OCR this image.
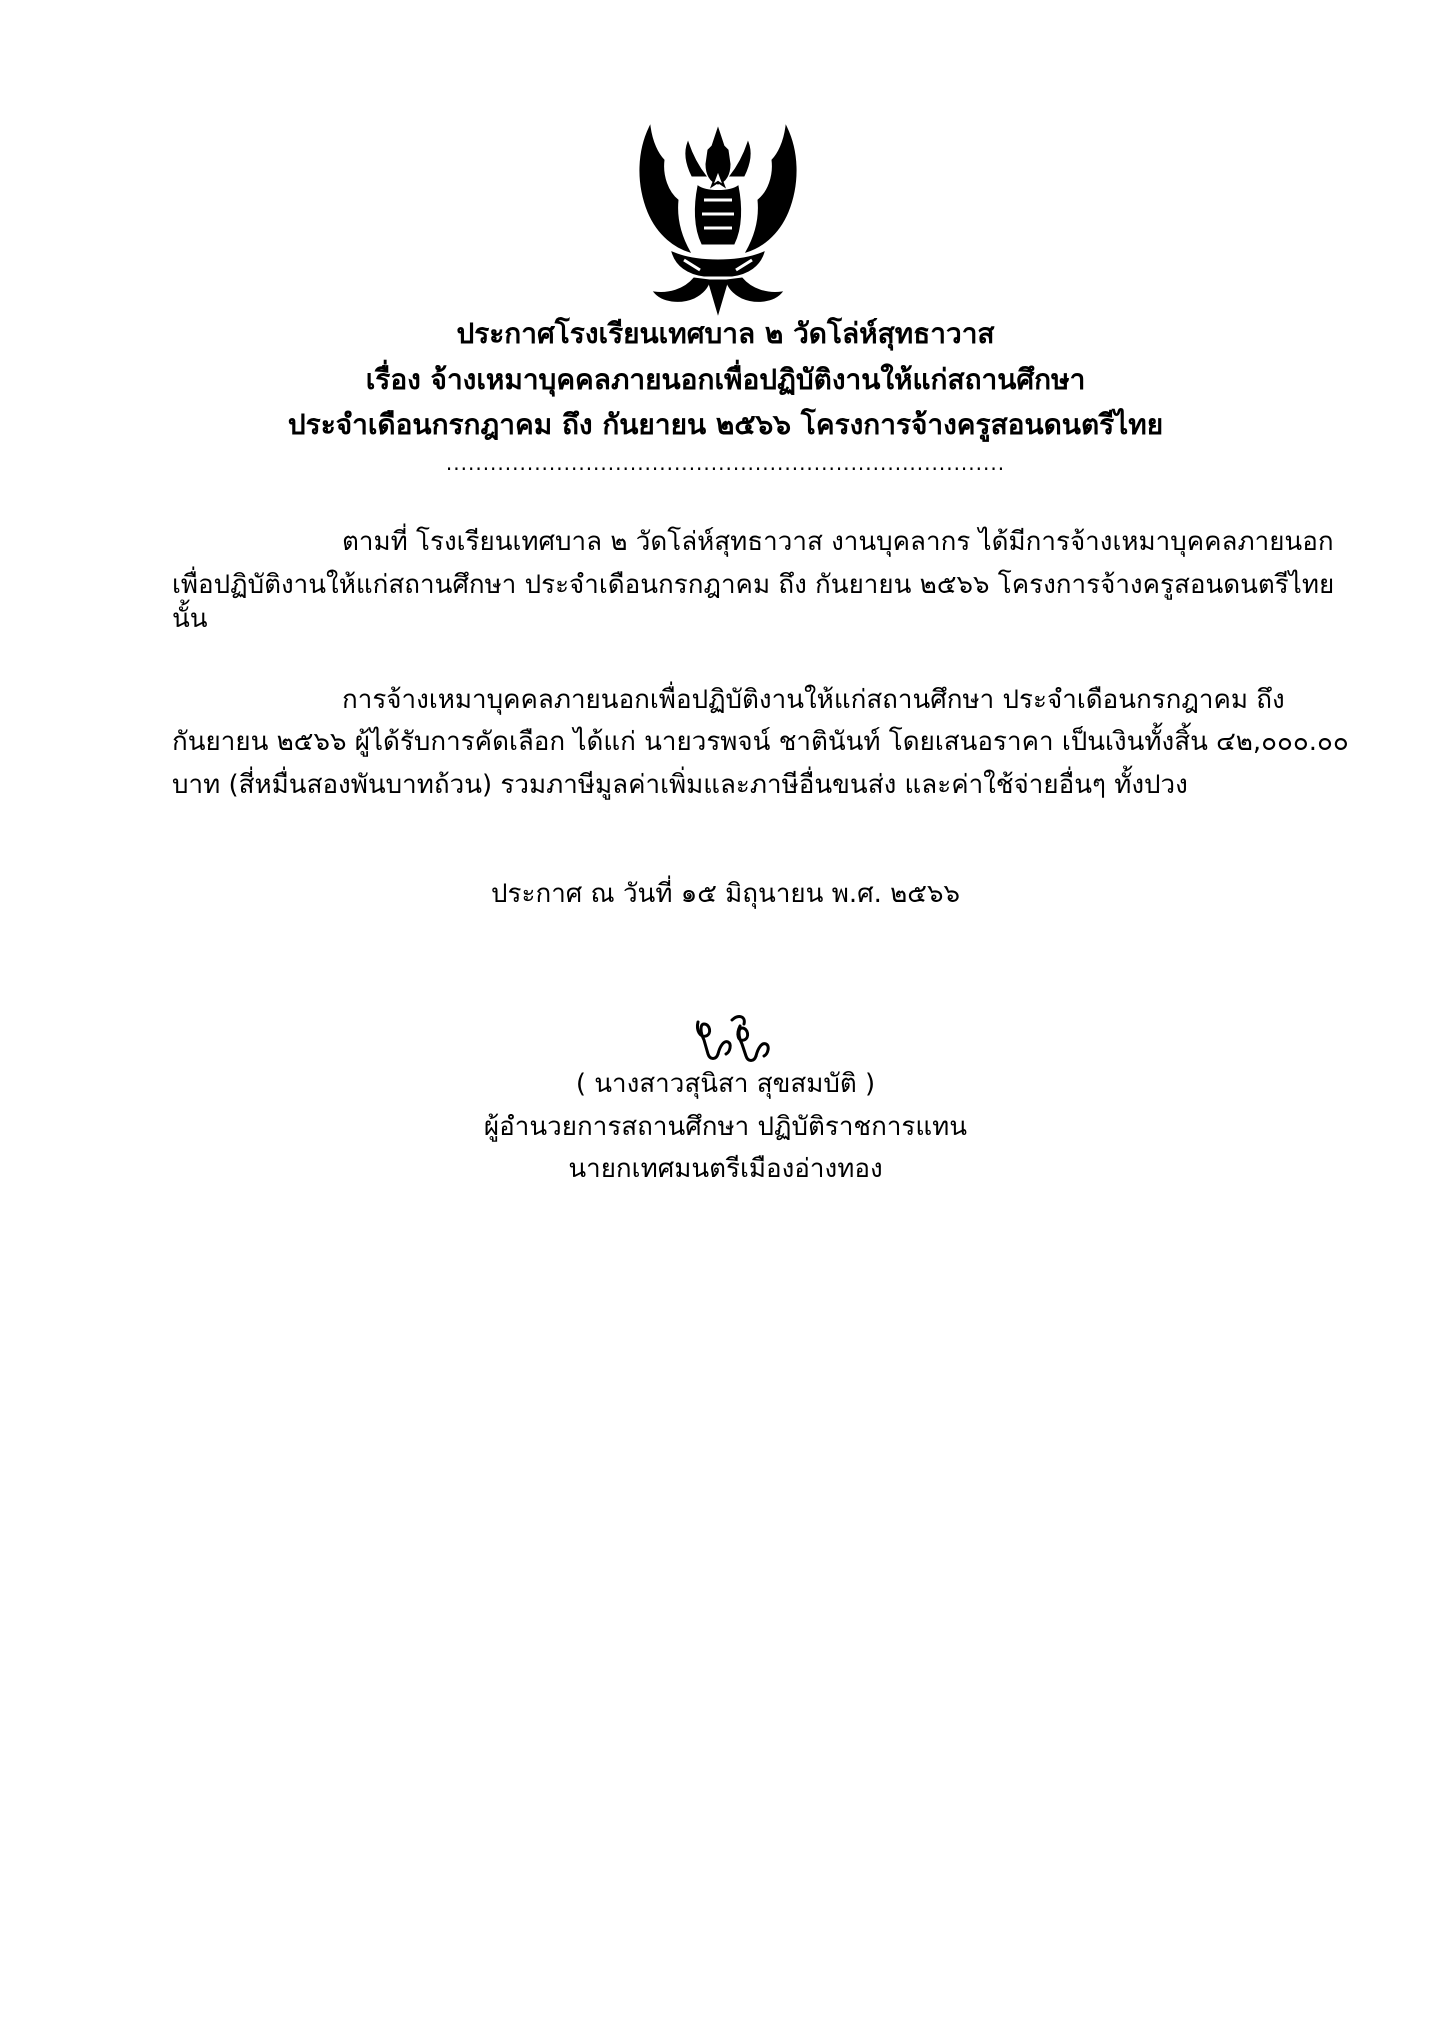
ประกาศโรงเรียนเทศบาล ๒ วัดโล่ห์สุทธาวาส
เรื่อง จ้างเหมาบุคคลภายนอกเพื่อปฏิบัติงานให้แก่สถานศึกษา
ประจำเดือนกรกฎาคม ถึง กันยายน ๒๕๖๖ โครงการจ้างครูสอนดนตรีไทย
............................................................................
ตามที่ โรงเรียนเทศบาล ๒ วัดโล่ห์สุทธาวาส งานบุคลากร ได้มีการจ้างเหมาบุคคลภายนอก
เพื่อปฏิบัติงานให้แก่สถานศึกษา ประจำเดือนกรกฎาคม ถึง กันยายน ๒๕๖๖ โครงการจ้างครูสอนดนตรีไทย
นั้น
การจ้างเหมาบุคคลภายนอกเพื่อปฏิบัติงานให้แก่สถานศึกษา ประจำเดือนกรกฎาคม ถึง
กันยายน ๒๕๖๖ ผู้ได้รับการคัดเลือก ได้แก่ นายวรพจน์ ชาตินันท์ โดยเสนอราคา เป็นเงินทั้งสิ้น ๔๒,๐๐๐.๐๐
บาท (สี่หมื่นสองพันบาทถ้วน) รวมภาษีมูลค่าเพิ่มและภาษีอื่นขนส่ง และค่าใช้จ่ายอื่นๆ ทั้งปวง
ประกาศ ณ วันที่ ๑๕ มิถุนายน พ.ศ. ๒๕๖๖
( นางสาวสุนิสา สุขสมบัติ )
ผู้อำนวยการสถานศึกษา ปฏิบัติราชการแทน
นายกเทศมนตรีเมืองอ่างทอง
